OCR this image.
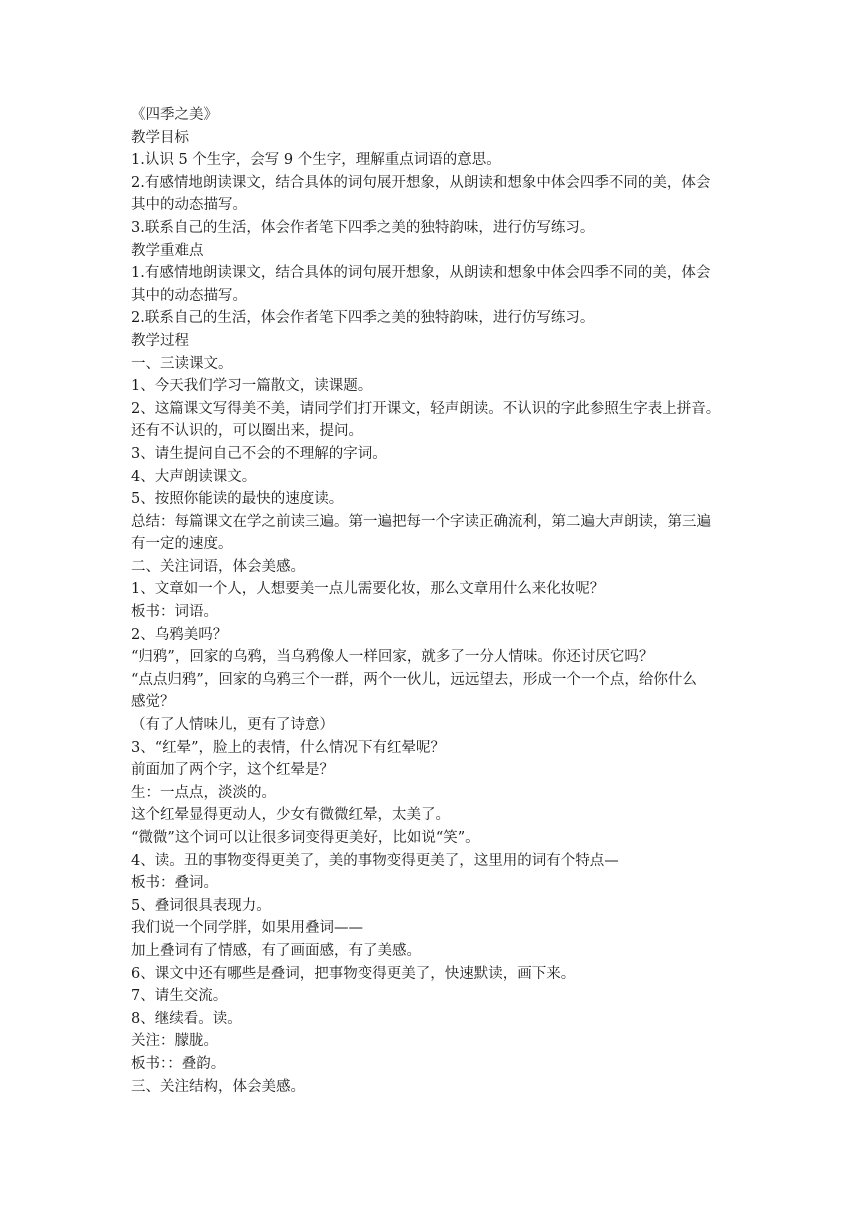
《四季之美》
教学目标
1.认识 5 个生字，会写 9 个生字，理解重点词语的意思。
2.有感情地朗读课文，结合具体的词句展开想象，从朗读和想象中体会四季不同的美，体会
其中的动态描写。
3.联系自己的生活，体会作者笔下四季之美的独特韵味，进行仿写练习。
教学重难点
1.有感情地朗读课文，结合具体的词句展开想象，从朗读和想象中体会四季不同的美，体会
其中的动态描写。
2.联系自己的生活，体会作者笔下四季之美的独特韵味，进行仿写练习。
教学过程
一、三读课文。
1、今天我们学习一篇散文，读课题。
2、这篇课文写得美不美，请同学们打开课文，轻声朗读。不认识的字此参照生字表上拼音。
还有不认识的，可以圈出来，提问。
3、请生提问自己不会的不理解的字词。
4、大声朗读课文。
5、按照你能读的最快的速度读。
总结：每篇课文在学之前读三遍。第一遍把每一个字读正确流利，第二遍大声朗读，第三遍
有一定的速度。
二、关注词语，体会美感。
1、文章如一个人，人想要美一点儿需要化妆，那么文章用什么来化妆呢？
板书：词语。
2、乌鸦美吗？
“归鸦”，回家的乌鸦，当乌鸦像人一样回家，就多了一分人情味。你还讨厌它吗？
“点点归鸦”，回家的乌鸦三个一群，两个一伙儿，远远望去，形成一个一个点，给你什么
感觉？
（有了人情味儿，更有了诗意）
3、“红晕”，脸上的表情，什么情况下有红晕呢？
前面加了两个字，这个红晕是？
生：一点点，淡淡的。
这个红晕显得更动人，少女有微微红晕，太美了。
“微微”这个词可以让很多词变得更美好，比如说“笑”。
4、读。丑的事物变得更美了，美的事物变得更美了，这里用的词有个特点—
板书：叠词。
5、叠词很具表现力。
我们说一个同学胖，如果用叠词——
加上叠词有了情感，有了画面感，有了美感。
6、课文中还有哪些是叠词，把事物变得更美了，快速默读，画下来。
7、请生交流。
8、继续看。读。
关注：朦胧。
板书：：叠韵。
三、关注结构，体会美感。
